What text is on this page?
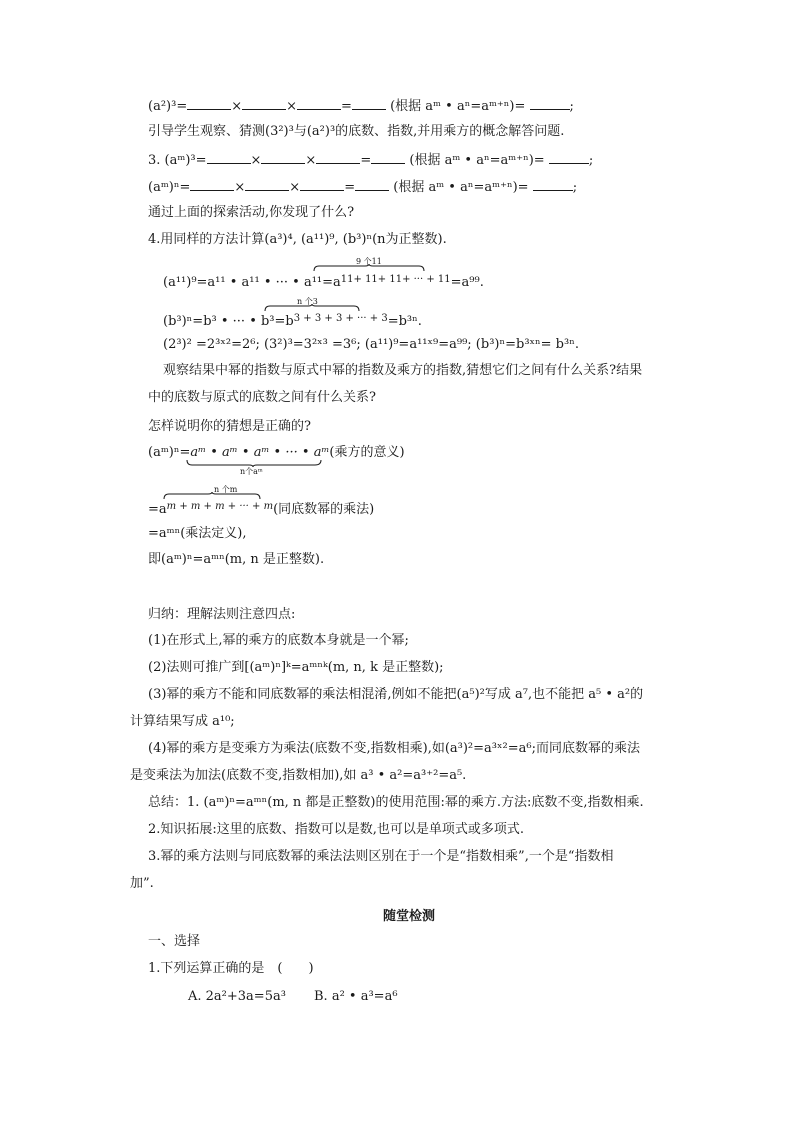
(a²)³=	×	×	=	(根据 aᵐ • aⁿ=aᵐ⁺ⁿ)=	;
引导学生观察、猜测(3²)³与(a²)³的底数、指数,并用乘方的概念解答问题.
3. (aᵐ)³=	×	×	=	(根据 aᵐ • aⁿ=aᵐ⁺ⁿ)=	;
(aᵐ)ⁿ=	×	×	=	(根据 aᵐ • aⁿ=aᵐ⁺ⁿ)=	;
通过上面的探索活动,你发现了什么?
4.用同样的方法计算(a³)⁴, (a¹¹)⁹, (b³)ⁿ(n为正整数).
9 个11
(a¹¹)⁹=a¹¹ • a¹¹ • ··· • $a^{11}=a^{11+ 11+ 11+ \cdot\cdot\cdot + 11}=a^{99}$.
n 个3
(b³)ⁿ=b³ • ··· • $b^3=b^{3 + 3 + 3 + \cdot\cdot\cdot + 3}=b^{3n}$.
(2³)² =2³ˣ²=2⁶; (3²)³=3²ˣ³ =3⁶; (a¹¹)⁹=a¹¹ˣ⁹=a⁹⁹; (b³)ⁿ=b³ˣⁿ= b³ⁿ.
观察结果中幂的指数与原式中幂的指数及乘方的指数,猜想它们之间有什么关系?结果
中的底数与原式的底数之间有什么关系?
怎样说明你的猜想是正确的?
(aᵐ)ⁿ=aᵐ • aᵐ • aᵐ • ··· • aᵐ(乘方的意义)
n个aᵐ
n 个m
$=a^{m + m + m + \cdot\cdot\cdot + m}$(同底数幂的乘法)
=aᵐⁿ(乘法定义),
即(aᵐ)ⁿ=aᵐⁿ(m, n 是正整数).
归纳：理解法则注意四点:
(1)在形式上,幂的乘方的底数本身就是一个幂;
(2)法则可推广到[(aᵐ)ⁿ]ᵏ=aᵐⁿᵏ(m, n, k 是正整数);
(3)幂的乘方不能和同底数幂的乘法相混淆,例如不能把(a⁵)²写成 a⁷,也不能把 a⁵ • a²的
计算结果写成 a¹⁰;
(4)幂的乘方是变乘方为乘法(底数不变,指数相乘),如(a³)²=a³ˣ²=a⁶;而同底数幂的乘法
是变乘法为加法(底数不变,指数相加),如 a³ • a²=a³⁺²=a⁵.
总结：1. (aᵐ)ⁿ=aᵐⁿ(m, n 都是正整数)的使用范围:幂的乘方.方法:底数不变,指数相乘.
2.知识拓展:这里的底数、指数可以是数,也可以是单项式或多项式.
3.幂的乘方法则与同底数幂的乘法法则区别在于一个是“指数相乘”,一个是“指数相
加”.
随堂检测
一、选择
1.下列运算正确的是　(　　)
A. 2a²+3a=5a³ B. a² • a³=a⁶
